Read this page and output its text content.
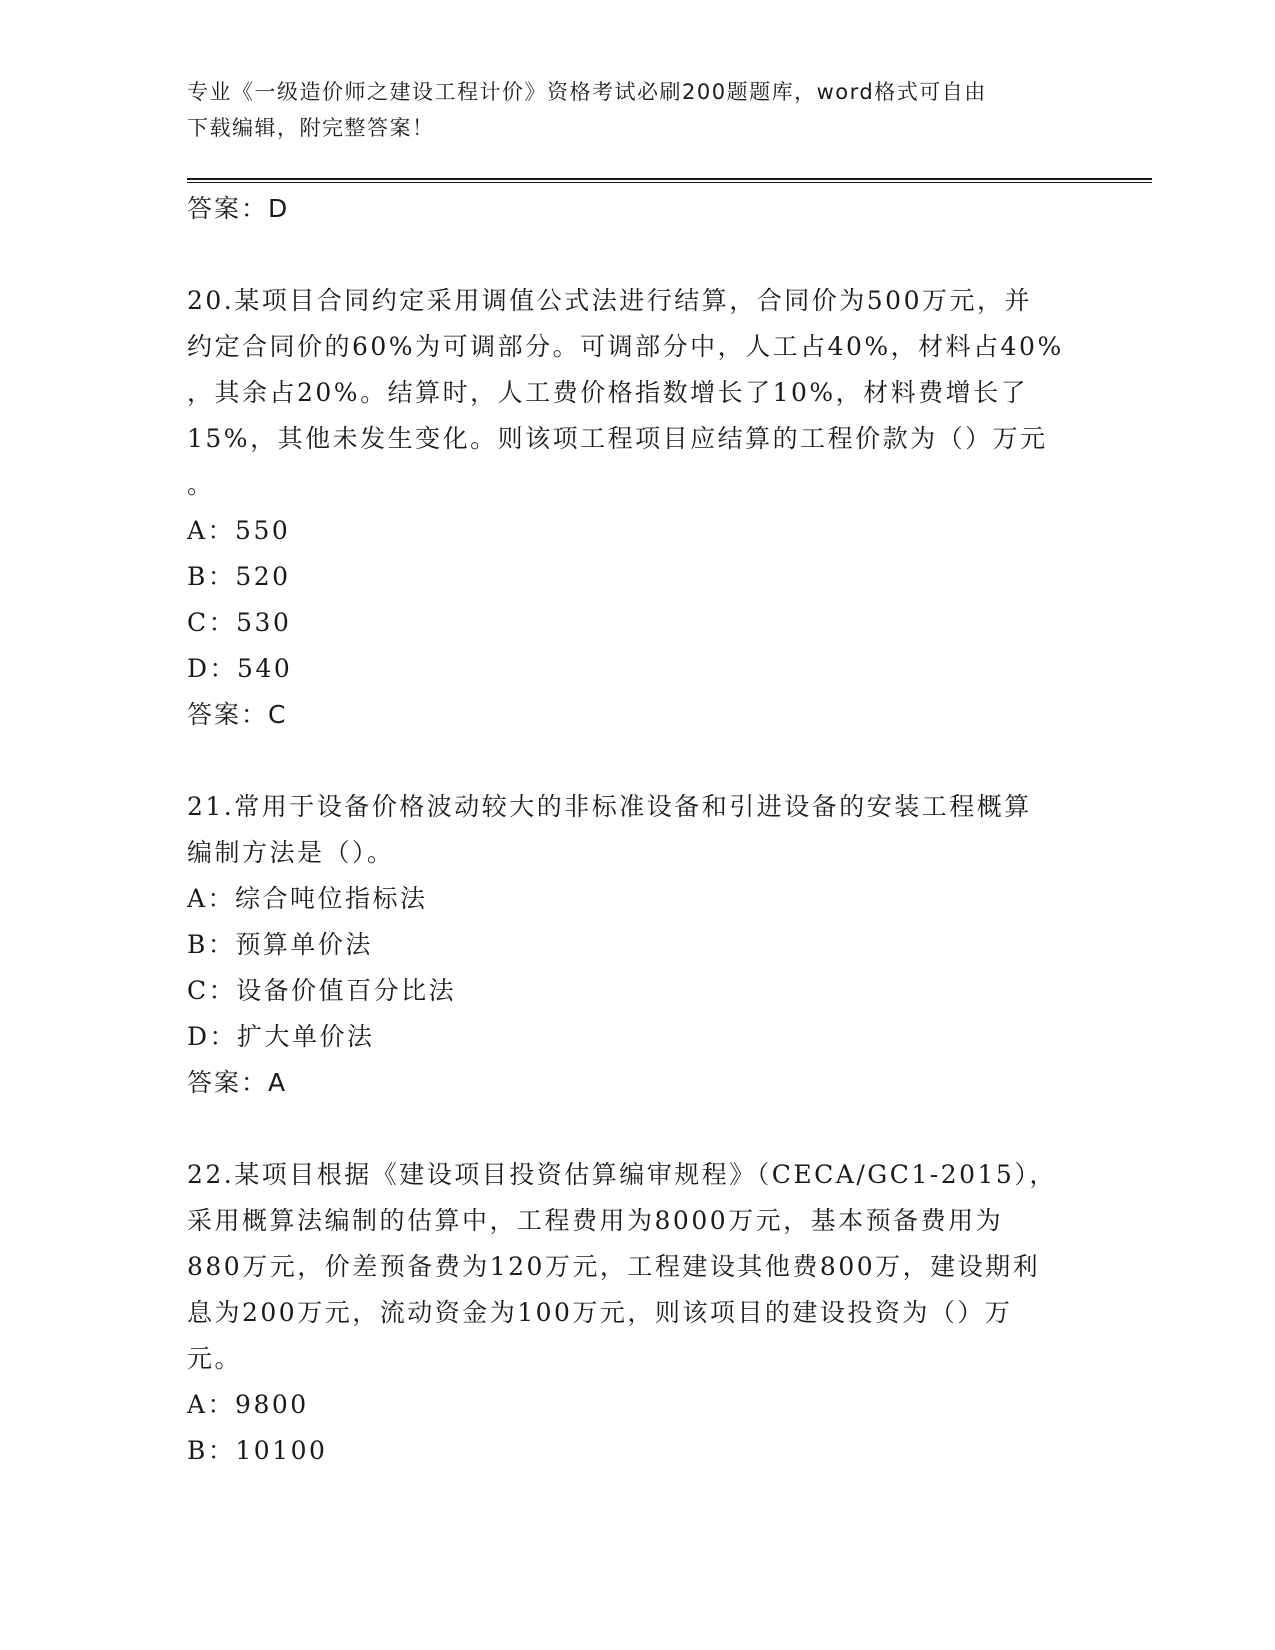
专业《一级造价师之建设工程计价》资格考试必刷200题题库，word格式可自由
下载编辑，附完整答案！
答案：D
20.某项目合同约定采用调值公式法进行结算，合同价为500万元，并
约定合同价的60%为可调部分。可调部分中，人工占40%，材料占40%
，其余占20%。结算时，人工费价格指数增长了10%，材料费增长了
15%，其他未发生变化。则该项工程项目应结算的工程价款为（）万元
。
A：550
B：520
C：530
D：540
答案：C
21.常用于设备价格波动较大的非标准设备和引进设备的安装工程概算
编制方法是（）。
A：综合吨位指标法
B：预算单价法
C：设备价值百分比法
D：扩大单价法
答案：A
22.某项目根据《建设项目投资估算编审规程》（CECA/GC1-2015），
采用概算法编制的估算中，工程费用为8000万元，基本预备费用为
880万元，价差预备费为120万元，工程建设其他费800万，建设期利
息为200万元，流动资金为100万元，则该项目的建设投资为（）万
元。
A：9800
B：10100
